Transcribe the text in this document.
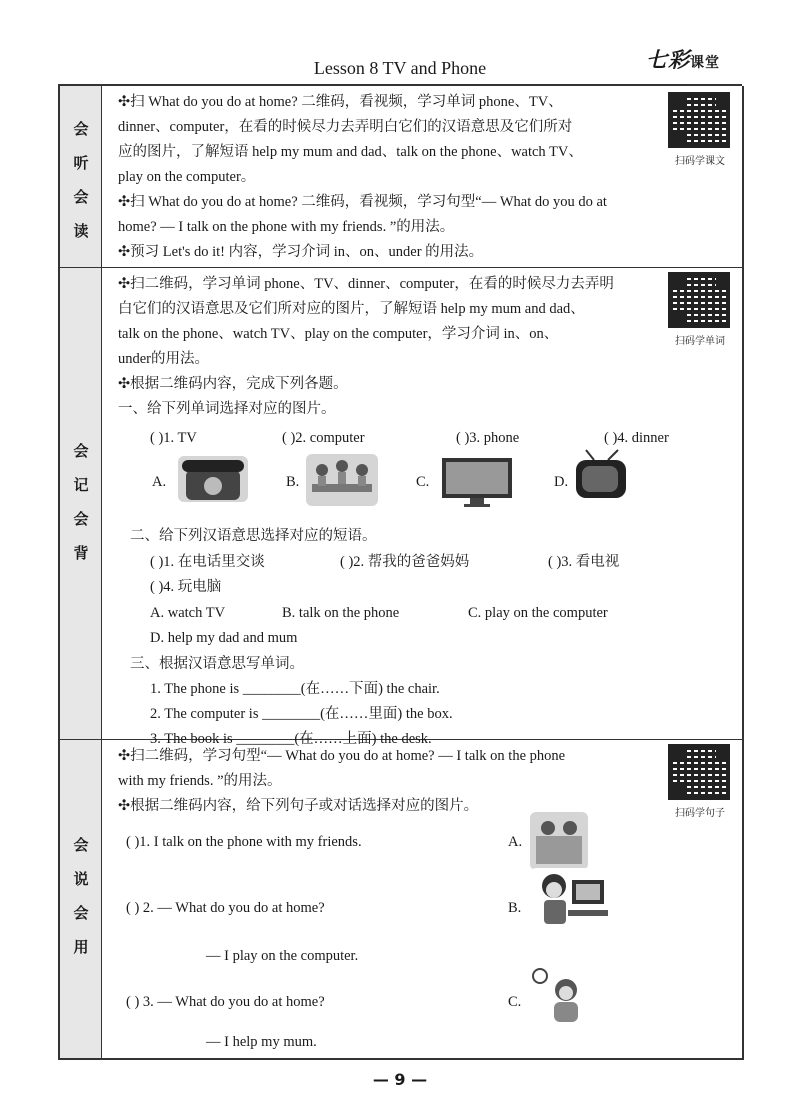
Lesson 8 TV and Phone	七彩课堂
会
听
会
读
✣扫 What do you do at home? 二维码，看视频，学习单词 phone、TV、
dinner、computer，在看的时候尽力去弄明白它们的汉语意思及它们所对
应的图片，了解短语 help my mum and dad、talk on the phone、watch TV、
play on the computer。
✣扫 What do you do at home? 二维码，看视频，学习句型“— What do you do at
home? — I talk on the phone with my friends. ”的用法。
✣预习 Let's do it! 内容，学习介词 in、on、under 的用法。
扫码学课文
会
记
会
背
✣扫二维码，学习单词 phone、TV、dinner、computer，在看的时候尽力去弄明
白它们的汉语意思及它们所对应的图片，了解短语 help my mum and dad、
talk on the phone、watch TV、play on the computer，学习介词 in、on、
under的用法。
✣根据二维码内容，完成下列各题。
一、给下列单词选择对应的图片。
( )1. TV	( )2. computer	( )3. phone	( )4. dinner
A.	B.	C.	D.
二、给下列汉语意思选择对应的短语。
( )1. 在电话里交谈	( )2. 帮我的爸爸妈妈	( )3. 看电视
( )4. 玩电脑
A. watch TV	B. talk on the phone	C. play on the computer
D. help my dad and mum
三、根据汉语意思写单词。
1. The phone is ________(在……下面) the chair.
2. The computer is ________(在……里面) the box.
3. The book is ________(在……上面) the desk.
扫码学单词
会
说
会
用
✣扫二维码，学习句型“— What do you do at home? — I talk on the phone
with my friends. ”的用法。
✣根据二维码内容，给下列句子或对话选择对应的图片。
( )1. I talk on the phone with my friends.	A.
( ) 2. — What do you do at home?	B.
— I play on the computer.
( ) 3. — What do you do at home?	C.
— I help my mum.
扫码学句子
— 9 —
